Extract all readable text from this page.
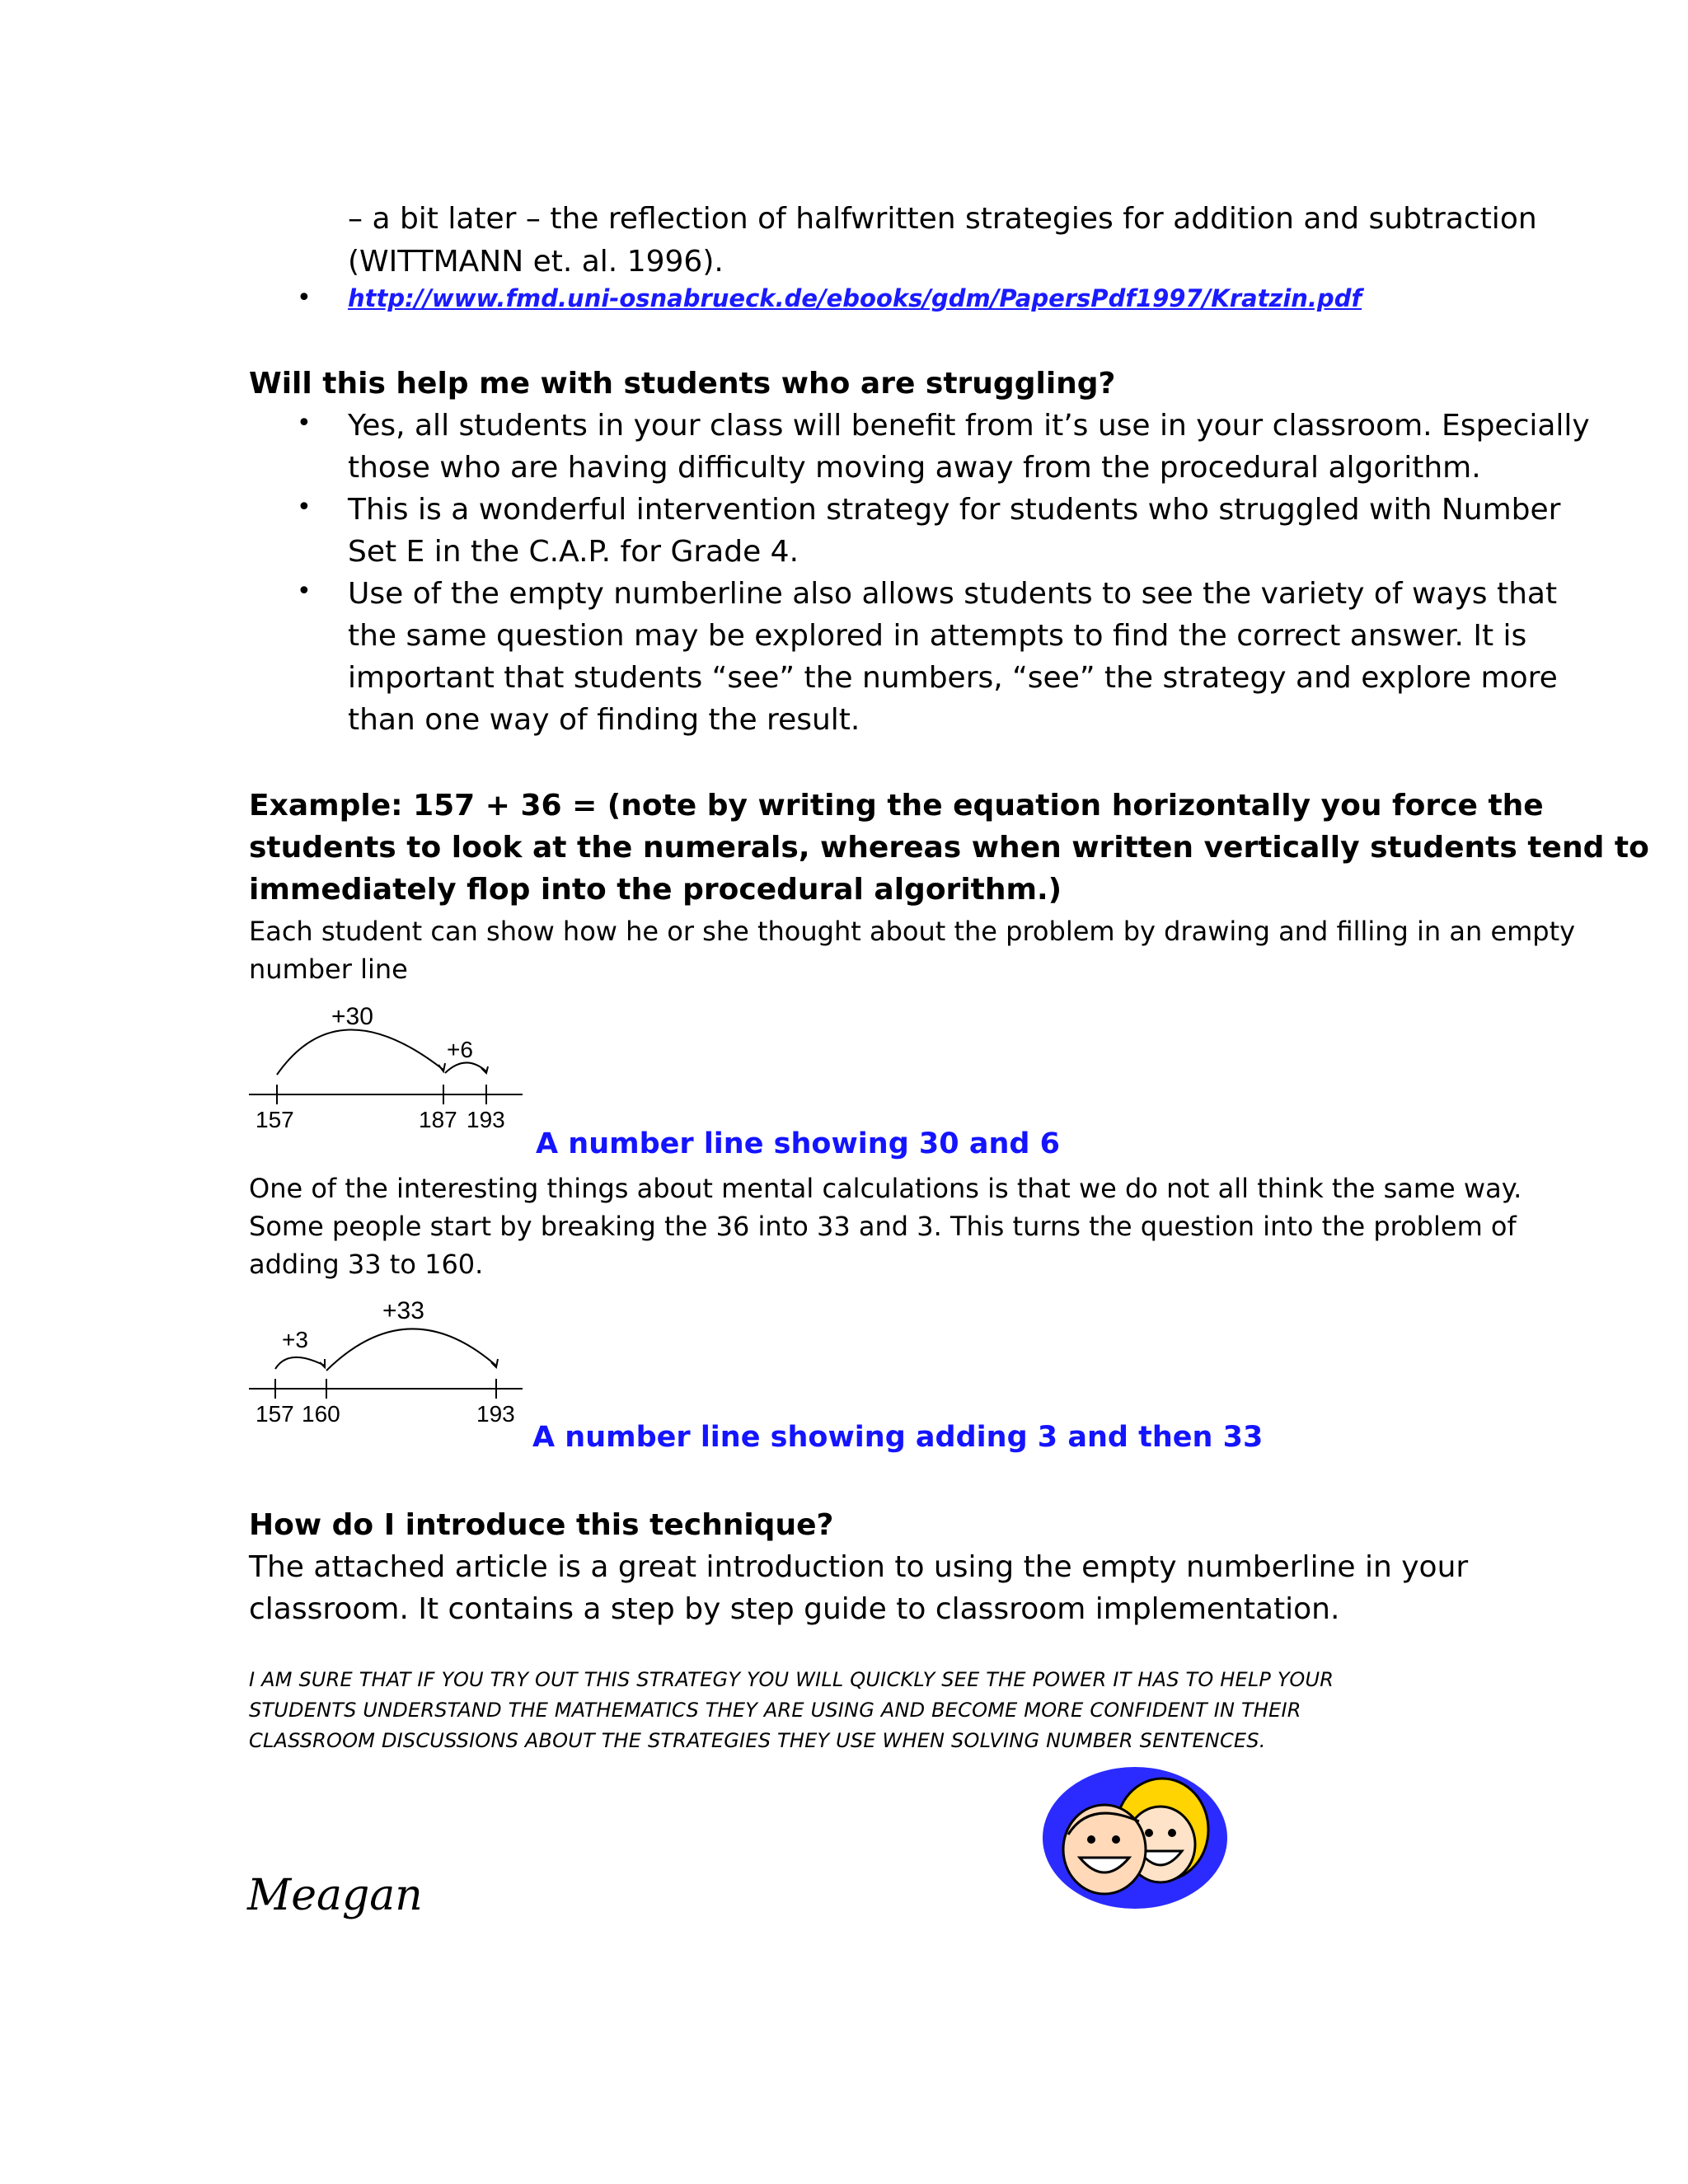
– a bit later – the reflection of halfwritten strategies for addition and subtraction
(WITTMANN et. al. 1996).
• http://www.fmd.uni-osnabrueck.de/ebooks/gdm/PapersPdf1997/Kratzin.pdf
Will this help me with students who are struggling?
• Yes, all students in your class will benefit from it’s use in your classroom. Especially
those who are having difficulty moving away from the procedural algorithm.
• This is a wonderful intervention strategy for students who struggled with Number
Set E in the C.A.P. for Grade 4.
• Use of the empty numberline also allows students to see the variety of ways that
the same question may be explored in attempts to find the correct answer. It is
important that students “see” the numbers, “see” the strategy and explore more
than one way of finding the result.
Example: 157 + 36 = (note by writing the equation horizontally you force the
students to look at the numerals, whereas when written vertically students tend to
immediately flop into the procedural algorithm.)
Each student can show how he or she thought about the problem by drawing and filling in an empty
number line
+30
+6
157	187 193
A number line showing 30 and 6
One of the interesting things about mental calculations is that we do not all think the same way.
Some people start by breaking the 36 into 33 and 3. This turns the question into the problem of
adding 33 to 160.
+3
+33
157 160	193
A number line showing adding 3 and then 33
How do I introduce this technique?
The attached article is a great introduction to using the empty numberline in your
classroom. It contains a step by step guide to classroom implementation.
I AM SURE THAT IF YOU TRY OUT THIS STRATEGY YOU WILL QUICKLY SEE THE POWER IT HAS TO HELP YOUR
STUDENTS UNDERSTAND THE MATHEMATICS THEY ARE USING AND BECOME MORE CONFIDENT IN THEIR
CLASSROOM DISCUSSIONS ABOUT THE STRATEGIES THEY USE WHEN SOLVING NUMBER SENTENCES.
Meagan
